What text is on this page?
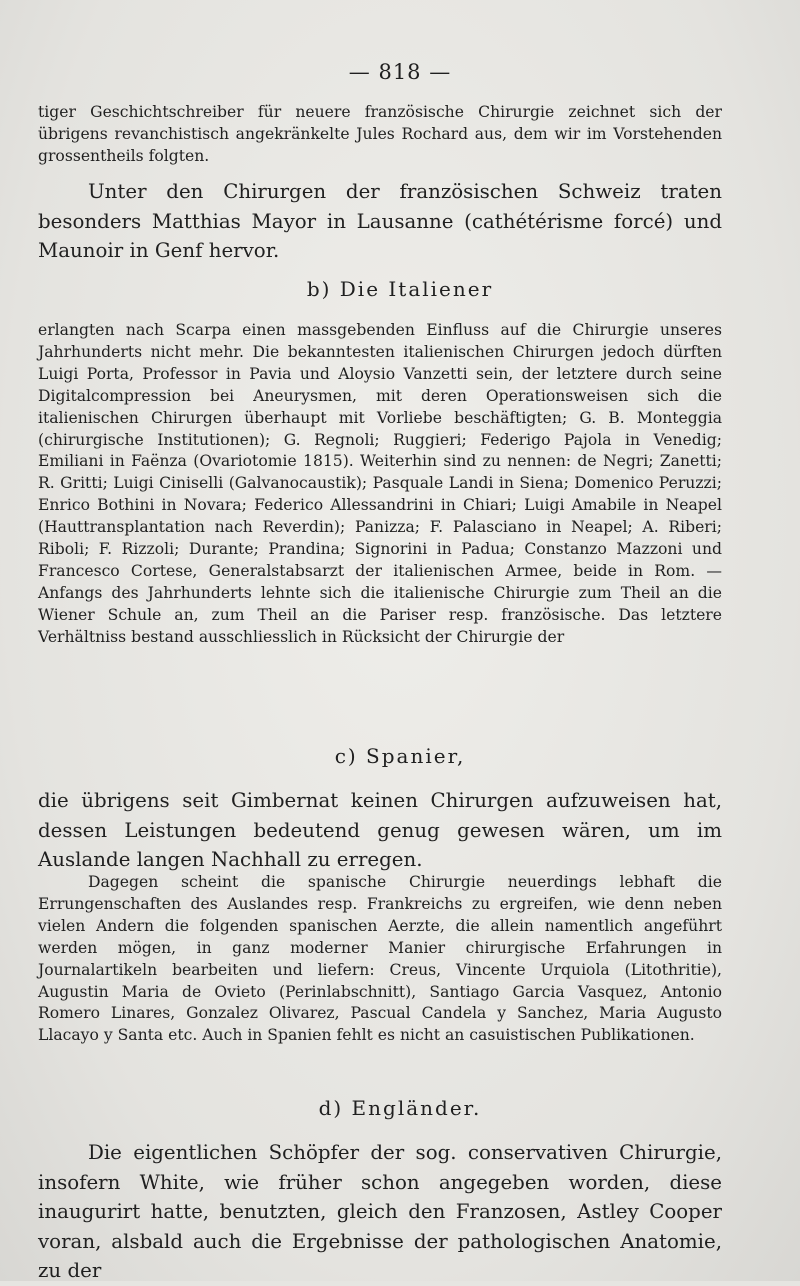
— 818 —

tiger Geschichtschreiber für neuere französische Chirurgie zeichnet sich der übrigens revanchistisch angekränkelte Jules Rochard aus, dem wir im Vorstehenden grossentheils folgten.

Unter den Chirurgen der französischen Schweiz traten besonders Matthias Mayor in Lausanne (cathétérisme forcé) und Maunoir in Genf hervor.

b) Die Italiener

erlangten nach Scarpa einen massgebenden Einfluss auf die Chirurgie unseres Jahrhunderts nicht mehr. Die bekanntesten italienischen Chirurgen jedoch dürften Luigi Porta, Professor in Pavia und Aloysio Vanzetti sein, der letztere durch seine Digitalcompression bei Aneurysmen, mit deren Operationsweisen sich die italienischen Chirurgen überhaupt mit Vorliebe beschäftigten; G. B. Monteggia (chirurgische Institutionen); G. Regnoli; Ruggieri; Federigo Pajola in Venedig; Emiliani in Faënza (Ovariotomie 1815). Weiterhin sind zu nennen: de Negri; Zanetti; R. Gritti; Luigi Ciniselli (Galvanocaustik); Pasquale Landi in Siena; Domenico Peruzzi; Enrico Bothini in Novara; Federico Allessandrini in Chiari; Luigi Amabile in Neapel (Hauttransplantation nach Reverdin); Panizza; F. Palasciano in Neapel; A. Riberi; Riboli; F. Rizzoli; Durante; Prandina; Signorini in Padua; Constanzo Mazzoni und Francesco Cortese, Generalstabsarzt der italienischen Armee, beide in Rom. — Anfangs des Jahrhunderts lehnte sich die italienische Chirurgie zum Theil an die Wiener Schule an, zum Theil an die Pariser resp. französische. Das letztere Verhältniss bestand ausschliesslich in Rücksicht der Chirurgie der

c) Spanier,

die übrigens seit Gimbernat keinen Chirurgen aufzuweisen hat, dessen Leistungen bedeutend genug gewesen wären, um im Auslande langen Nachhall zu erregen.

Dagegen scheint die spanische Chirurgie neuerdings lebhaft die Errungenschaften des Auslandes resp. Frankreichs zu ergreifen, wie denn neben vielen Andern die folgenden spanischen Aerzte, die allein namentlich angeführt werden mögen, in ganz moderner Manier chirurgische Erfahrungen in Journalartikeln bearbeiten und liefern: Creus, Vincente Urquiola (Litothritie), Augustin Maria de Ovieto (Perinlabschnitt), Santiago Garcia Vasquez, Antonio Romero Linares, Gonzalez Olivarez, Pascual Candela y Sanchez, Maria Augusto Llacayo y Santa etc. Auch in Spanien fehlt es nicht an casuistischen Publikationen.

d) Engländer.

Die eigentlichen Schöpfer der sog. conservativen Chirurgie, insofern White, wie früher schon angegeben worden, diese inaugurirt hatte, benutzten, gleich den Franzosen, Astley Cooper voran, alsbald auch die Ergebnisse der pathologischen Anatomie, zu der
